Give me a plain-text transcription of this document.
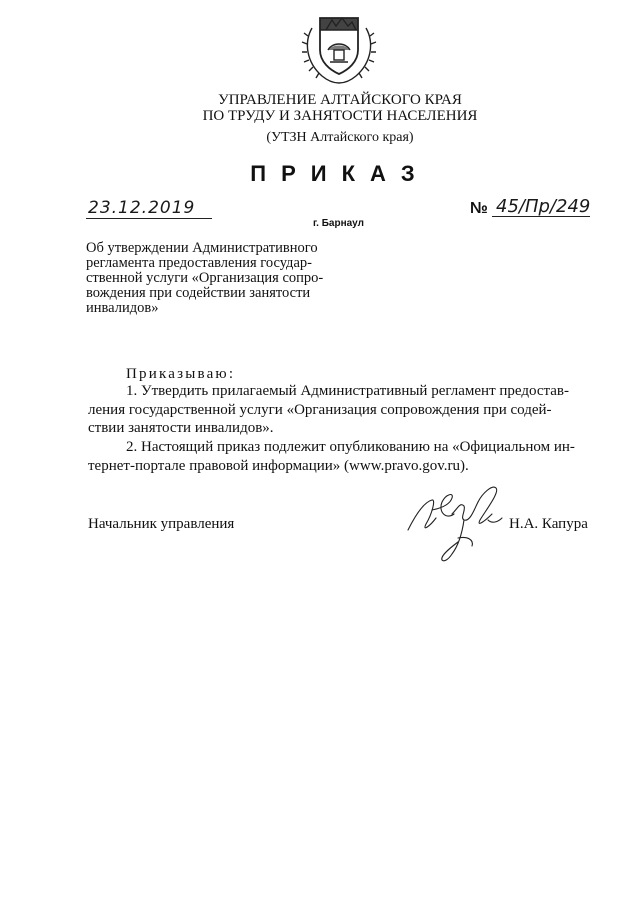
УПРАВЛЕНИЕ АЛТАЙСКОГО КРАЯ
ПО ТРУДУ И ЗАНЯТОСТИ НАСЕЛЕНИЯ
(УТЗН Алтайского края)
ПРИКАЗ
23.12.2019
г. Барнаул
№ 45/Пр/249
Об утверждении Административного
регламента предоставления государ-
ственной услуги «Организация сопро-
вождения при содействии занятости
инвалидов»
Приказываю:
1. Утвердить прилагаемый Административный регламент предостав-
ления государственной услуги «Организация сопровождения при содей-
ствии занятости инвалидов».
2. Настоящий приказ подлежит опубликованию на «Официальном ин-
тернет-портале правовой информации» (www.pravo.gov.ru).
Начальник управления	Н.А. Капура
